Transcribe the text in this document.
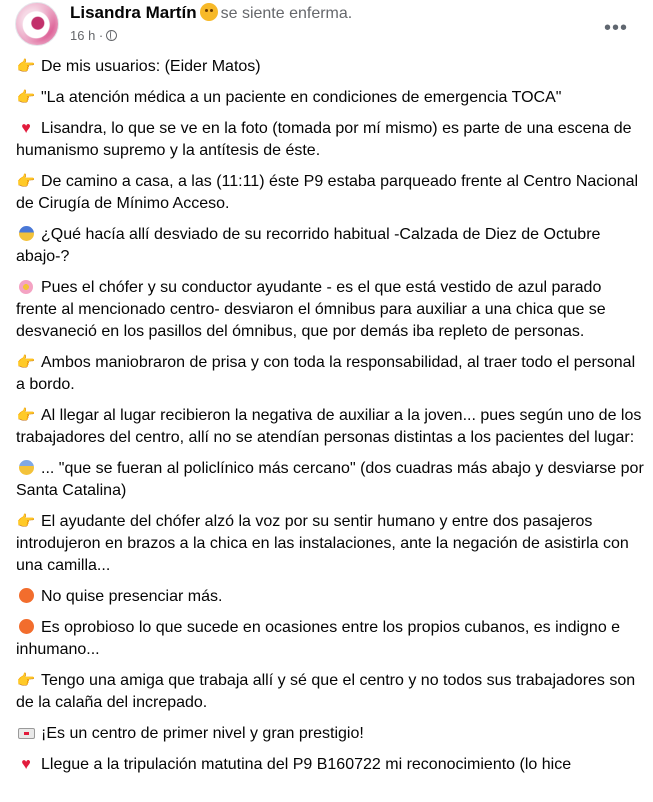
Lisandra Martín se siente enferma.
16 h ·	•••

👉 De mis usuarios: (Eider Matos)

👉 "La atención médica a un paciente en condiciones de emergencia TOCA"

♥ Lisandra, lo que se ve en la foto (tomada por mí mismo) es parte de una escena de humanismo supremo y la antítesis de éste.

👉 De camino a casa, a las (11:11) éste P9 estaba parqueado frente al Centro Nacional de Cirugía de Mínimo Acceso.

¿Qué hacía allí desviado de su recorrido habitual -Calzada de Diez de Octubre abajo-?

Pues el chófer y su conductor ayudante - es el que está vestido de azul parado frente al mencionado centro- desviaron el ómnibus para auxiliar a una chica que se desvaneció en los pasillos del ómnibus, que por demás iba repleto de personas.

👉 Ambos maniobraron de prisa y con toda la responsabilidad, al traer todo el personal a bordo.

👉 Al llegar al lugar recibieron la negativa de auxiliar a la joven... pues según uno de los trabajadores del centro, allí no se atendían personas distintas a los pacientes del lugar:

... "que se fueran al policlínico más cercano" (dos cuadras más abajo y desviarse por Santa Catalina)

👉 El ayudante del chófer alzó la voz por su sentir humano y entre dos pasajeros introdujeron en brazos a la chica en las instalaciones, ante la negación de asistirla con una camilla...

No quise presenciar más.

Es oprobioso lo que sucede en ocasiones entre los propios cubanos, es indigno e inhumano...

👉 Tengo una amiga que trabaja allí y sé que el centro y no todos sus trabajadores son de la calaña del increpado.

¡Es un centro de primer nivel y gran prestigio!

♥ Llegue a la tripulación matutina del P9 B160722 mi reconocimiento (lo hice
